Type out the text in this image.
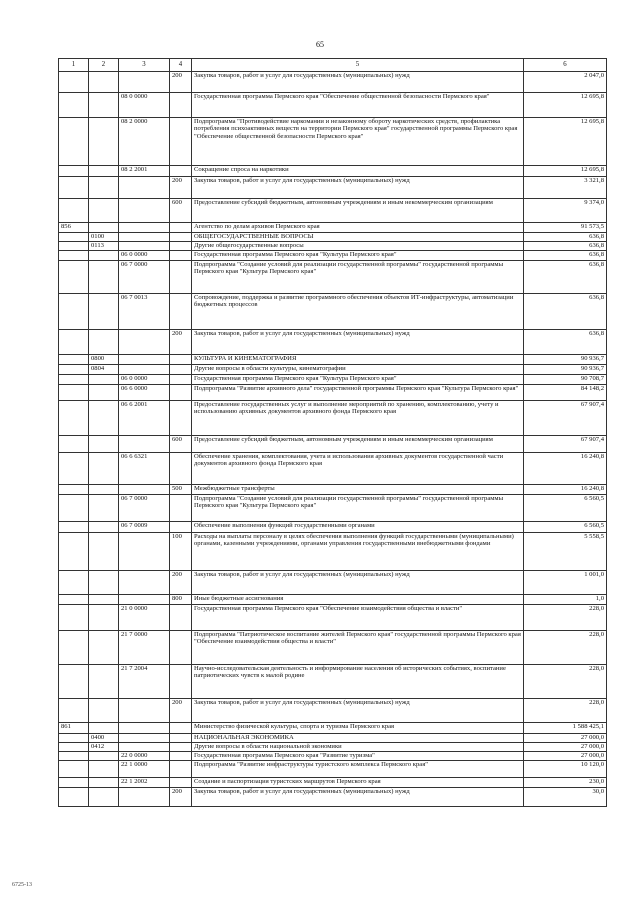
65
1	2	3	4	5	6
			200	Закупка товаров, работ и услуг для государственных (муниципальных) нужд	2 047,0
		08 0 0000		Государственная программа Пермского края "Обеспечение общественной безопасности Пермского края"	12 695,8
		08 2 0000		Подпрограмма "Противодействие наркомании и незаконному обороту наркотических средств, профилактика потребления психоактивных веществ на территории Пермского края" государственной программы Пермского края "Обеспечение общественной безопасности Пермского края"	12 695,8
		08 2 2001		Сокращение спроса на наркотики	12 695,8
			200	Закупка товаров, работ и услуг для государственных (муниципальных) нужд	3 321,8
			600	Предоставление субсидий бюджетным, автономным учреждениям и иным некоммерческим организациям	9 374,0
856				Агентство по делам архивов Пермского края	91 573,5
	0100			ОБЩЕГОСУДАРСТВЕННЫЕ ВОПРОСЫ	636,8
	0113			Другие общегосударственные вопросы	636,8
		06 0 0000		Государственная программа Пермского края "Культура Пермского края"	636,8
		06 7 0000		Подпрограмма "Создание условий для реализации государственной программы" государственной программы Пермского края "Культура Пермского края"	636,8
		06 7 0013		Сопровождение, поддержка и развитие программного обеспечения объектов ИТ-инфраструктуры, автоматизации бюджетных процессов	636,8
			200	Закупка товаров, работ и услуг для государственных (муниципальных) нужд	636,8
	0800			КУЛЬТУРА И КИНЕМАТОГРАФИЯ	90 936,7
	0804			Другие вопросы в области культуры, кинематографии	90 936,7
		06 0 0000		Государственная программа Пермского края "Культура Пермского края"	90 708,7
		06 6 0000		Подпрограмма "Развитие архивного дела" государственной программы Пермского края "Культура Пермского края"	84 148,2
		06 6 2001		Предоставление государственных услуг и выполнение мероприятий по хранению, комплектованию, учету и использованию архивных документов архивного фонда Пермского края	67 907,4
			600	Предоставление субсидий бюджетным, автономным учреждениям и иным некоммерческим организациям	67 907,4
		06 6 6321		Обеспечение хранения, комплектования, учета и использования архивных документов государственной части документов архивного фонда Пермского края	16 240,8
			500	Межбюджетные трансферты	16 240,8
		06 7 0000		Подпрограмма "Создание условий для реализации государственной программы" государственной программы Пермского края "Культура Пермского края"	6 560,5
		06 7 0009		Обеспечение выполнения функций государственными органами	6 560,5
			100	Расходы на выплаты персоналу в целях обеспечения выполнения функций государственными (муниципальными) органами, казенными учреждениями, органами управления государственными внебюджетными фондами	5 558,5
			200	Закупка товаров, работ и услуг для государственных (муниципальных) нужд	1 001,0
			800	Иные бюджетные ассигнования	1,0
		21 0 0000		Государственная программа Пермского края "Обеспечение взаимодействия общества и власти"	228,0
		21 7 0000		Подпрограмма "Патриотическое воспитание жителей Пермского края" государственной программы Пермского края "Обеспечение взаимодействия общества и власти"	228,0
		21 7 2004		Научно-исследовательская деятельность и информирование населения об исторических событиях, воспитание патриотических чувств к малой родине	228,0
			200	Закупка товаров, работ и услуг для государственных (муниципальных) нужд	228,0
861				Министерство физической культуры, спорта и туризма Пермского края	1 588 425,1
	0400			НАЦИОНАЛЬНАЯ ЭКОНОМИКА	27 000,0
	0412			Другие вопросы в области национальной экономики	27 000,0
		22 0 0000		Государственная программа Пермского края "Развитие туризма"	27 000,0
		22 1 0000		Подпрограмма "Развитие инфраструктуры туристского комплекса Пермского края"	10 120,0
		22 1 2002		Создание и паспортизация туристских маршрутов Пермского края	230,0
			200	Закупка товаров, работ и услуг для государственных (муниципальных) нужд	30,0
6725-13
